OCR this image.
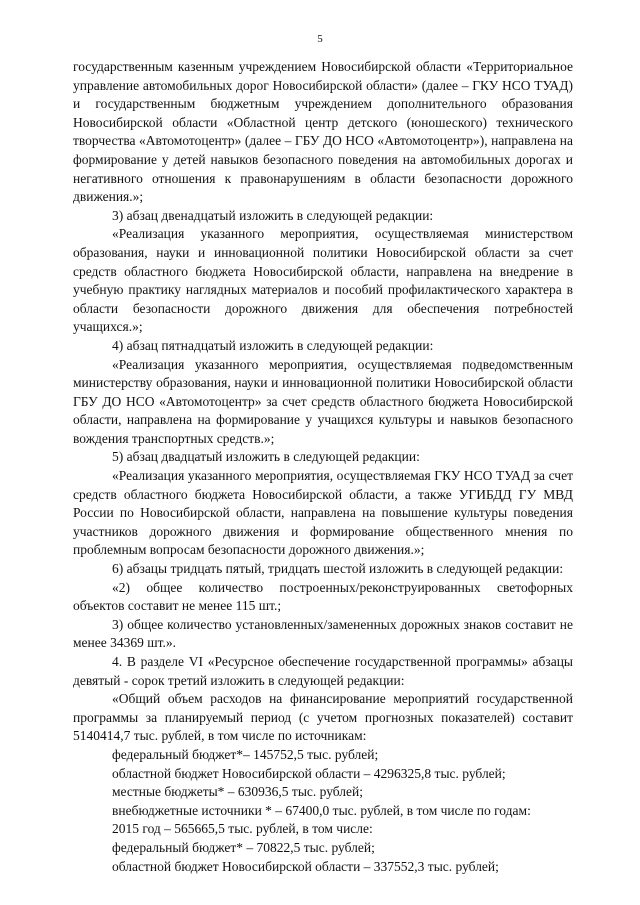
5

государственным казенным учреждением Новосибирской области «Территориальное управление автомобильных дорог Новосибирской области» (далее – ГКУ НСО ТУАД) и государственным бюджетным учреждением дополнительного образования Новосибирской области «Областной центр детского (юношеского) технического творчества «Автомотоцентр» (далее – ГБУ ДО НСО «Автомотоцентр»), направлена на формирование у детей навыков безопасного поведения на автомобильных дорогах и негативного отношения к правонарушениям в области безопасности дорожного движения.»;

3) абзац двенадцатый изложить в следующей редакции:

«Реализация указанного мероприятия, осуществляемая министерством образования, науки и инновационной политики Новосибирской области за счет средств областного бюджета Новосибирской области, направлена на внедрение в учебную практику наглядных материалов и пособий профилактического характера в области безопасности дорожного движения для обеспечения потребностей учащихся.»;

4) абзац пятнадцатый изложить в следующей редакции:

«Реализация указанного мероприятия, осуществляемая подведомственным министерству образования, науки и инновационной политики Новосибирской области ГБУ ДО НСО «Автомотоцентр» за счет средств областного бюджета Новосибирской области, направлена на формирование у учащихся культуры и навыков безопасного вождения транспортных средств.»;

5) абзац двадцатый изложить в следующей редакции:

«Реализация указанного мероприятия, осуществляемая ГКУ НСО ТУАД за счет средств областного бюджета Новосибирской области, а также УГИБДД ГУ МВД России по Новосибирской области, направлена на повышение культуры поведения участников дорожного движения и формирование общественного мнения по проблемным вопросам безопасности дорожного движения.»;

6) абзацы тридцать пятый, тридцать шестой изложить в следующей редакции:

«2) общее количество построенных/реконструированных светофорных объектов составит не менее 115 шт.;

3) общее количество установленных/замененных дорожных знаков составит не менее 34369 шт.».

4. В разделе VI «Ресурсное обеспечение государственной программы» абзацы девятый - сорок третий изложить в следующей редакции:

«Общий объем расходов на финансирование мероприятий государственной программы за планируемый период (с учетом прогнозных показателей) составит 5140414,7 тыс. рублей, в том числе по источникам:

федеральный бюджет*– 145752,5 тыс. рублей;

областной бюджет Новосибирской области – 4296325,8 тыс. рублей;

местные бюджеты* – 630936,5 тыс. рублей;

внебюджетные источники * – 67400,0 тыс. рублей, в том числе по годам:

2015 год – 565665,5 тыс. рублей, в том числе:

федеральный бюджет* – 70822,5 тыс. рублей;

областной бюджет Новосибирской области – 337552,3 тыс. рублей;
